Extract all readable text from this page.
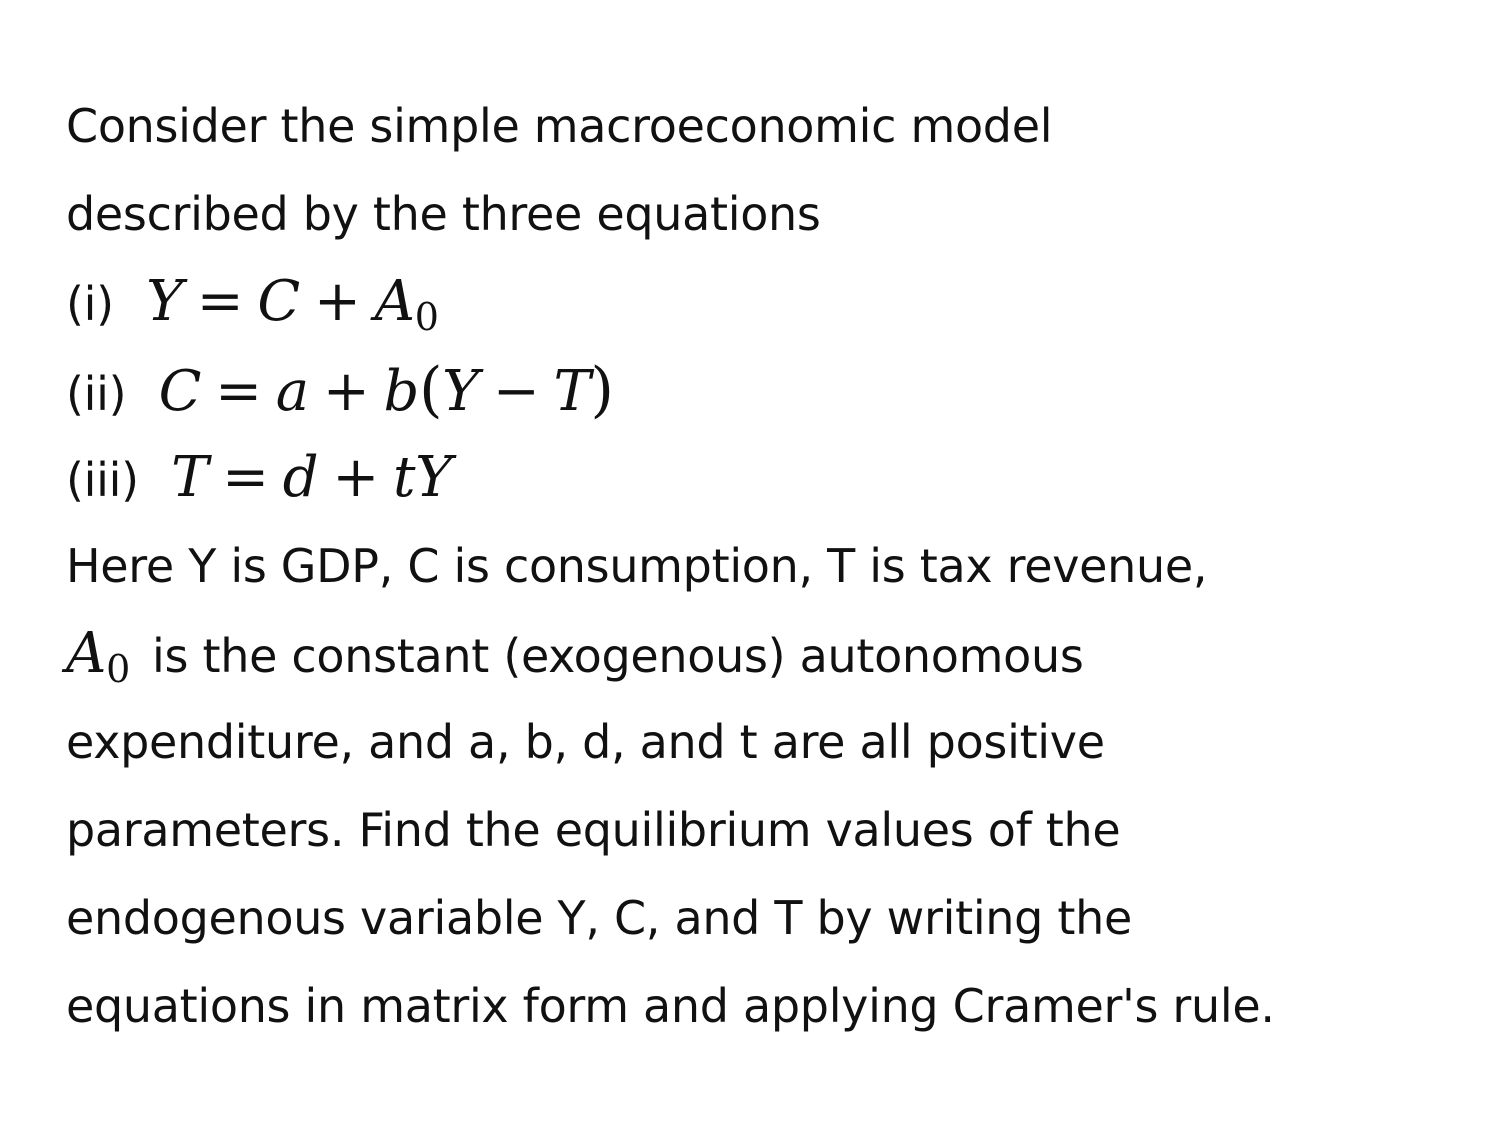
Consider the simple macroeconomic model
described by the three equations
(i) $Y = C + A_0$
(ii) C = a + b(Y − T)
(iii) T = d + tY
Here Y is GDP, C is consumption, T is tax revenue,
$A_0$ is the constant (exogenous) autonomous
expenditure, and a, b, d, and t are all positive
parameters. Find the equilibrium values of the
endogenous variable Y, C, and T by writing the
equations in matrix form and applying Cramer's rule.
